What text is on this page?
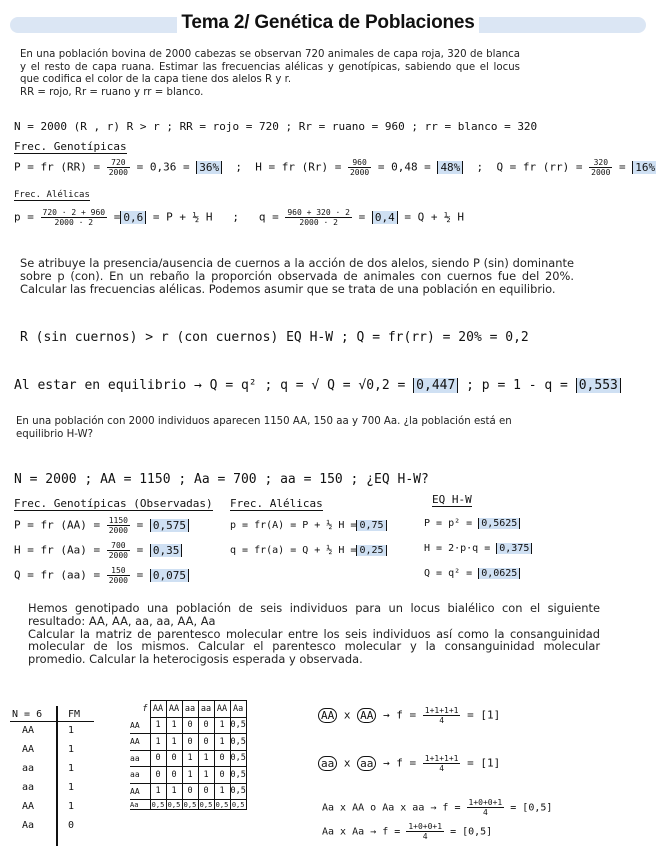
Tema 2/ Genética de Poblaciones
En una población bovina de 2000 cabezas se observan 720 animales de capa roja, 320 de blanca y el resto de capa ruana. Estimar las frecuencias alélicas y genotípicas, sabiendo que el locus que codifica el color de la capa tiene dos alelos R y r.
RR = rojo, Rr = ruano y rr = blanco.
N = 2000 (R , r) R > r ; RR = rojo = 720 ; Rr = ruano = 960 ; rr = blanco = 320
Frec. Genotípicas
P = fr $(RR) = \frac{720}{2000} = 0,36 = 36\%$  ;  H = fr $(Rr) = \frac{960}{2000} = 0,48 = 48\%$  ;  Q = fr $(rr) = \frac{320}{2000} = 16\%$
Frec. Alélicas
$p = \frac{720 \cdot 2 + 960}{2000 \cdot 2} = 0,6 = P$ + ½ H   ;   $q = \frac{960 + 320 \cdot 2}{2000 \cdot 2} = 0,4 = Q$ + ½ H
Se atribuye la presencia/ausencia de cuernos a la acción de dos alelos, siendo P (sin) dominante sobre p (con). En un rebaño la proporción observada de animales con cuernos fue del 20%. Calcular las frecuencias alélicas. Podemos asumir que se trata de una población en equilibrio.
R (sin cuernos) > r (con cuernos) EQ H-W ; Q = fr(rr) = 20% = 0,2
Al estar en equilibrio → Q = q² ; q = √ Q = √0,2 = 0,447 ; p = 1 - q = 0,553
En una población con 2000 individuos aparecen 1150 AA, 150 aa y 700 Aa. ¿la población está en equilibrio H-W?
N = 2000 ; AA = 1150 ; Aa = 700 ; aa = 150 ; ¿EQ H-W?
Frec. Genotípicas (Observadas) Frec. Alélicas	EQ H-W
P = fr $(AA) = \frac{1150}{2000} = 0,575$
H = fr $(Aa) = \frac{700}{2000} = 0,35$
Q = fr $(aa) = \frac{150}{2000} = 0,075$
p = fr(A) = P + ½ H = 0,75
q = fr(a) = Q + ½ H = 0,25
P = p² = 0,5625
H = 2·p·q = 0,375
Q = q² = 0,0625
Hemos genotipado una población de seis individuos para un locus bialélico con el siguiente resultado: AA, AA, aa, aa, AA, Aa
Calcular la matriz de parentesco molecular entre los seis individuos así como la consanguinidad molecular de los mismos. Calcular el parentesco molecular y la consanguinidad molecular promedio. Calcular la heterocigosis esperada y observada.
N = 6	FM
AA	1
AA	1
aa	1
aa	1
AA	1
Aa	0
f	AA	AA	aa	aa	AA	Aa
AA	1	1	0	0	1	0,5
AA	1	1	0	0	1	0,5
aa	0	0	1	1	0	0,5
aa	0	0	1	1	0	0,5
AA	1	1	0	0	1	0,5
Aa	0,5	0,5	0,5	0,5	0,5	0,5
AA x AA → $f = \frac{1+1+1+1}{4} = [1]$
aa x aa → $f = \frac{1+1+1+1}{4} = [1]$
Aa x AA o Aa x aa → $f = \frac{1+0+0+1}{4} = [0,5]$
Aa x $Aa \to f = \frac{1+0+0+1}{4} = [0,5]$
